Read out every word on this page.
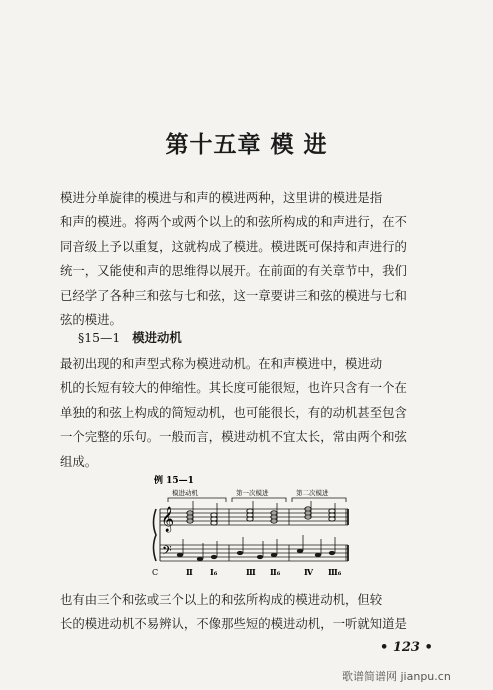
第十五章 模 进
模进分单旋律的模进与和声的模进两种，这里讲的模进是指
和声的模进。将两个或两个以上的和弦所构成的和声进行，在不
同音级上予以重复，这就构成了模进。模进既可保持和声进行的
统一，又能使和声的思维得以展开。在前面的有关章节中，我们
已经学了各种三和弦与七和弦，这一章要讲三和弦的模进与七和
弦的模进。
§15—1 模进动机
最初出现的和声型式称为模进动机。在和声模进中，模进动
机的长短有较大的伸缩性。其长度可能很短，也许只含有一个在
单独的和弦上构成的简短动机，也可能很长，有的动机甚至包含
一个完整的乐句。一般而言，模进动机不宜太长，常由两个和弦
组成。
例 15—1
模进动机	第一次模进	第二次模进
𝄞
𝄢
C	Ⅱ Ⅰ₆	Ⅲ Ⅱ₆	Ⅳ Ⅲ₆
也有由三个和弦或三个以上的和弦所构成的模进动机，但较
长的模进动机不易辨认，不像那些短的模进动机，一听就知道是
• 123 •
歌谱简谱网 jianpu.cn
